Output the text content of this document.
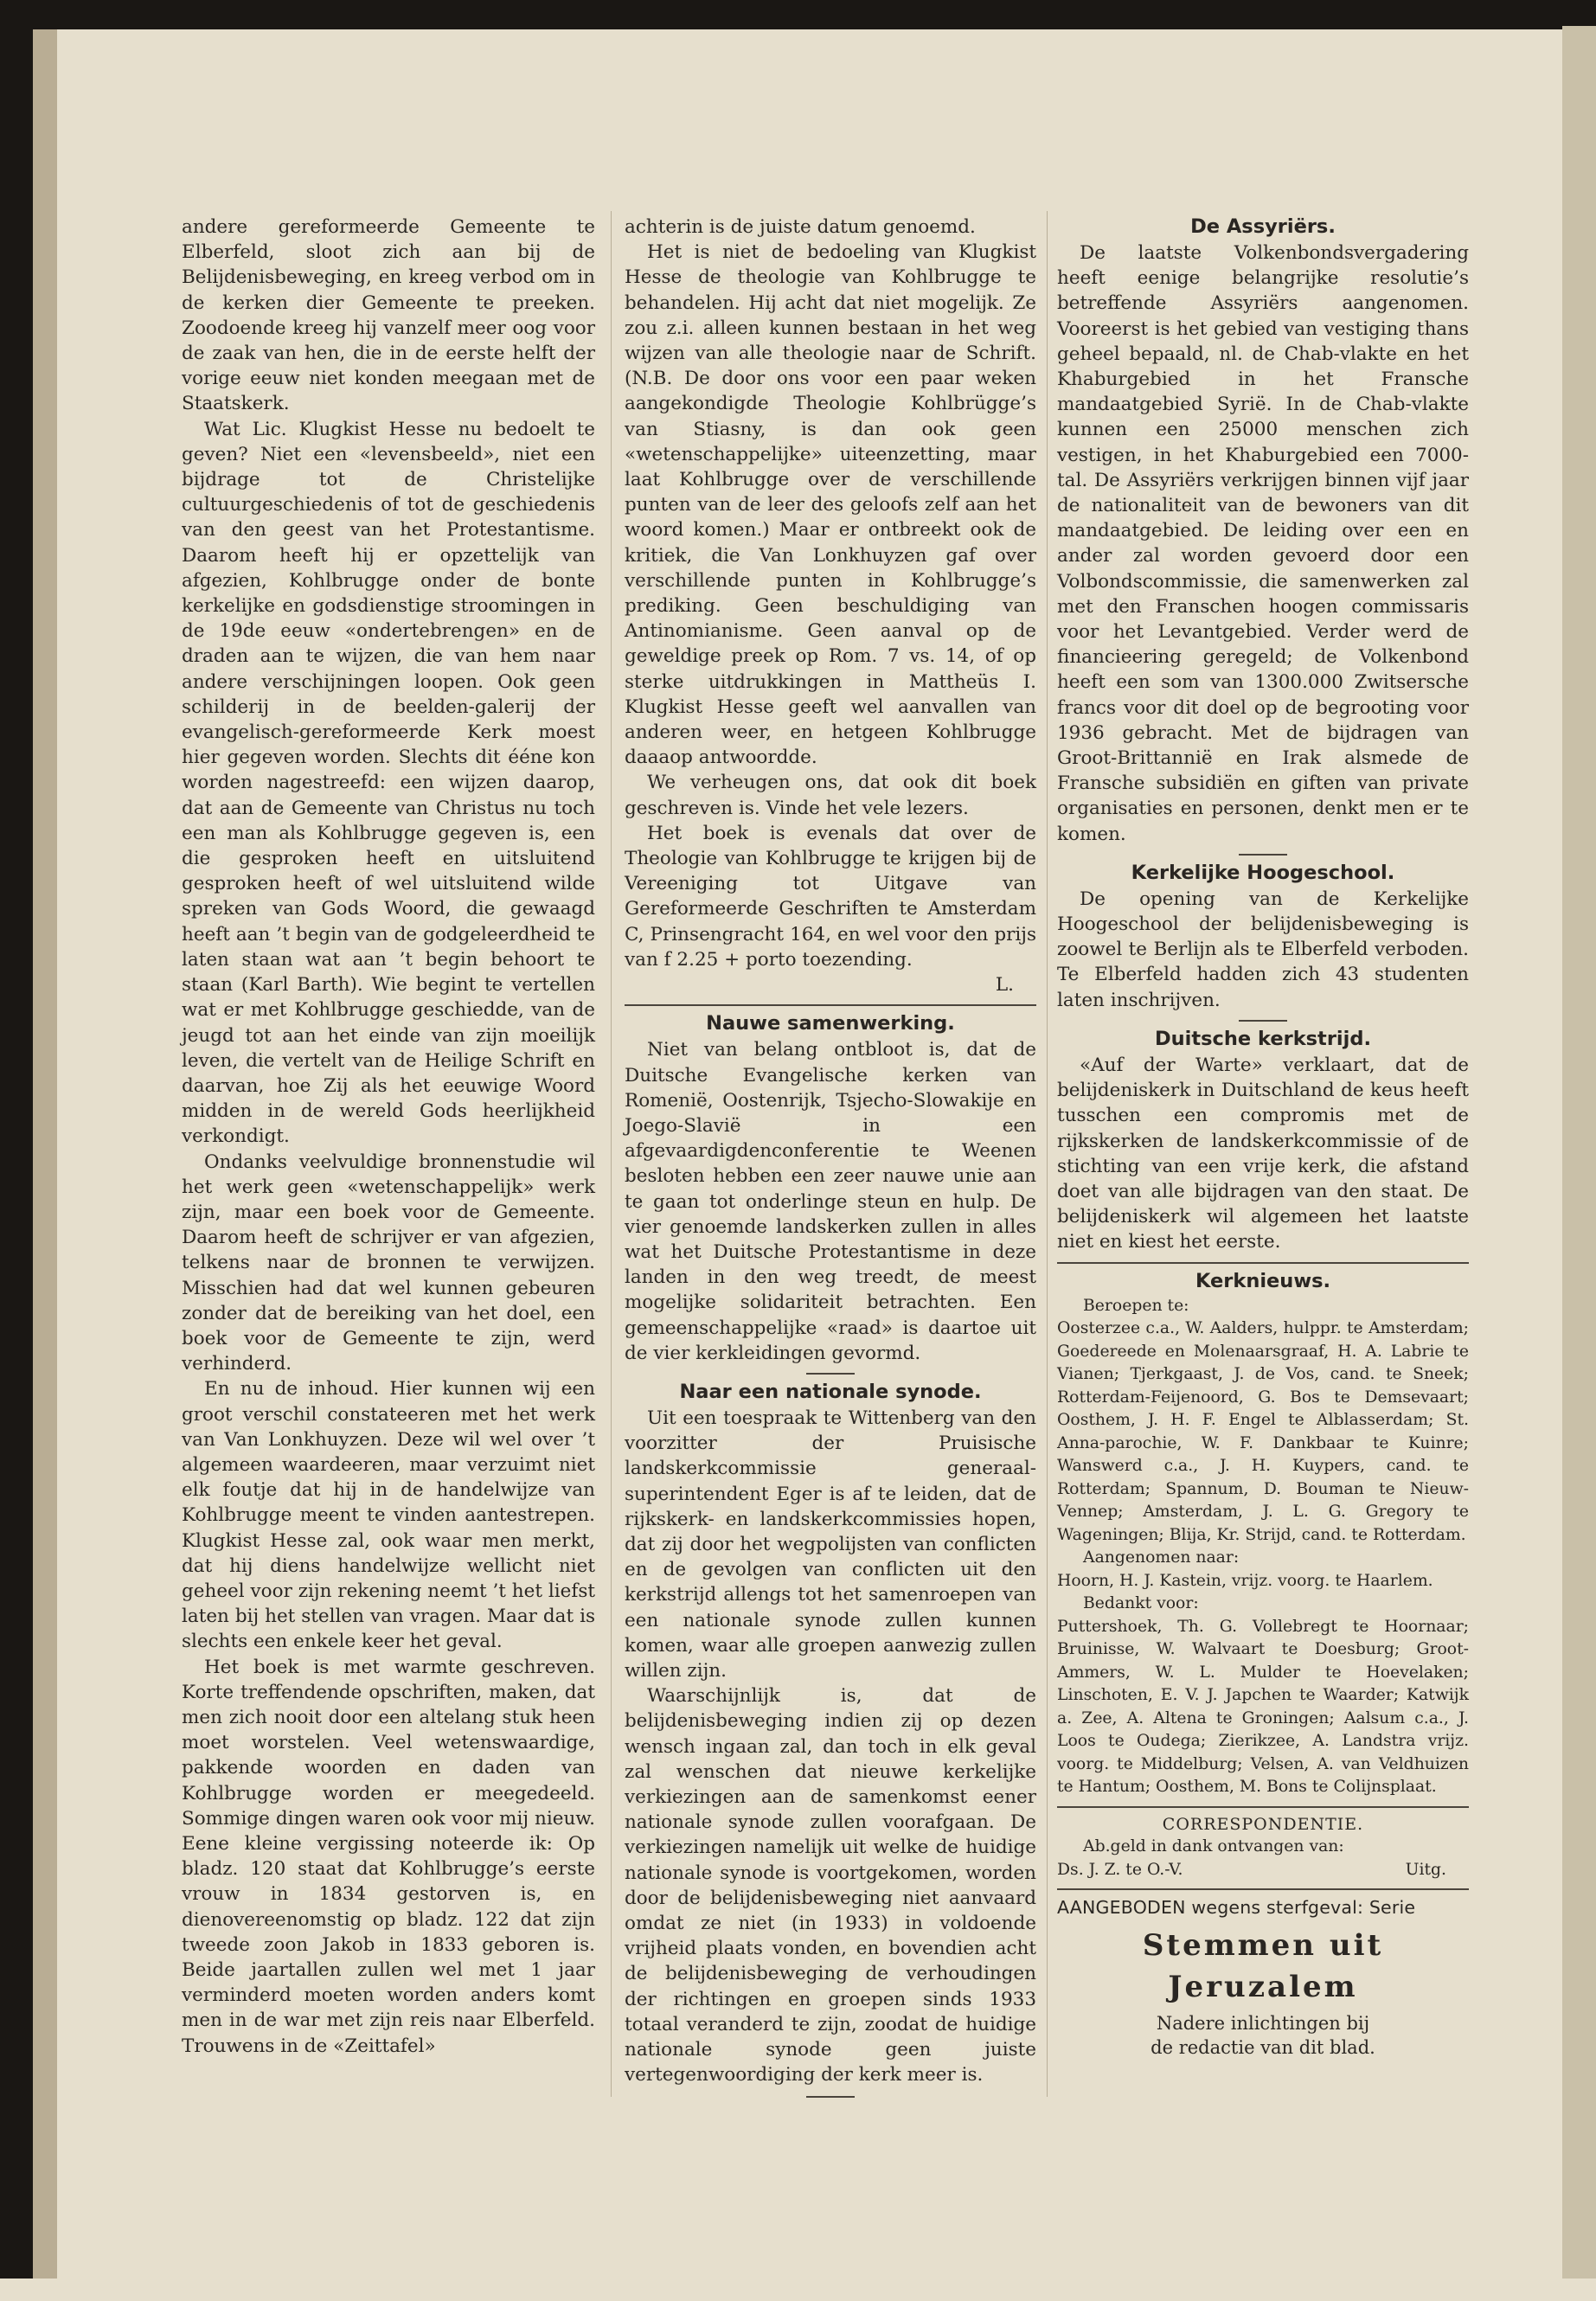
andere gereformeerde Gemeente te Elberfeld, sloot zich aan bij de Belijdenisbeweging, en kreeg verbod om in de kerken dier Gemeente te preeken. Zoodoende kreeg hij vanzelf meer oog voor de zaak van hen, die in de eerste helft der vorige eeuw niet konden meegaan met de Staatskerk.

Wat Lic. Klugkist Hesse nu bedoelt te geven? Niet een «levensbeeld», niet een bijdrage tot de Christelijke cultuurgeschiedenis of tot de geschiedenis van den geest van het Protestantisme. Daarom heeft hij er opzettelijk van afgezien, Kohlbrugge onder de bonte kerkelijke en godsdienstige stroomingen in de 19de eeuw «ondertebrengen» en de draden aan te wijzen, die van hem naar andere verschijningen loopen. Ook geen schilderij in de beelden-galerij der evangelisch-gereformeerde Kerk moest hier gegeven worden. Slechts dit ééne kon worden nagestreefd: een wijzen daarop, dat aan de Gemeente van Christus nu toch een man als Kohlbrugge gegeven is, een die gesproken heeft en uitsluitend gesproken heeft of wel uitsluitend wilde spreken van Gods Woord, die gewaagd heeft aan ’t begin van de godgeleerdheid te laten staan wat aan ’t begin behoort te staan (Karl Barth). Wie begint te vertellen wat er met Kohlbrugge geschiedde, van de jeugd tot aan het einde van zijn moeilijk leven, die vertelt van de Heilige Schrift en daarvan, hoe Zij als het eeuwige Woord midden in de wereld Gods heerlijkheid verkondigt.

Ondanks veelvuldige bronnenstudie wil het werk geen «wetenschappelijk» werk zijn, maar een boek voor de Gemeente. Daarom heeft de schrijver er van afgezien, telkens naar de bronnen te verwijzen. Misschien had dat wel kunnen gebeuren zonder dat de bereiking van het doel, een boek voor de Gemeente te zijn, werd verhinderd.

En nu de inhoud. Hier kunnen wij een groot verschil constateeren met het werk van Van Lonkhuyzen. Deze wil wel over ’t algemeen waardeeren, maar verzuimt niet elk foutje dat hij in de handelwijze van Kohlbrugge meent te vinden aantestrepen. Klugkist Hesse zal, ook waar men merkt, dat hij diens handelwijze wellicht niet geheel voor zijn rekening neemt ’t het liefst laten bij het stellen van vragen. Maar dat is slechts een enkele keer het geval.

Het boek is met warmte geschreven. Korte treffendende opschriften, maken, dat men zich nooit door een altelang stuk heen moet worstelen. Veel wetenswaardige, pakkende woorden en daden van Kohlbrugge worden er meegedeeld. Sommige dingen waren ook voor mij nieuw. Eene kleine vergissing noteerde ik: Op bladz. 120 staat dat Kohlbrugge’s eerste vrouw in 1834 gestorven is, en dienovereenomstig op bladz. 122 dat zijn tweede zoon Jakob in 1833 geboren is. Beide jaartallen zullen wel met 1 jaar verminderd moeten worden anders komt men in de war met zijn reis naar Elberfeld. Trouwens in de «Zeittafel»

achterin is de juiste datum genoemd.

Het is niet de bedoeling van Klugkist Hesse de theologie van Kohlbrugge te behandelen. Hij acht dat niet mogelijk. Ze zou z.i. alleen kunnen bestaan in het weg wijzen van alle theologie naar de Schrift. (N.B. De door ons voor een paar weken aangekondigde Theologie Kohlbrügge’s van Stiasny, is dan ook geen «wetenschappelijke» uiteenzetting, maar laat Kohlbrugge over de verschillende punten van de leer des geloofs zelf aan het woord komen.) Maar er ontbreekt ook de kritiek, die Van Lonkhuyzen gaf over verschillende punten in Kohlbrugge’s prediking. Geen beschuldiging van Antinomianisme. Geen aanval op de geweldige preek op Rom. 7 vs. 14, of op sterke uitdrukkingen in Mattheüs I. Klugkist Hesse geeft wel aanvallen van anderen weer, en hetgeen Kohlbrugge daaaop antwoordde.

We verheugen ons, dat ook dit boek geschreven is. Vinde het vele lezers.

Het boek is evenals dat over de Theologie van Kohlbrugge te krijgen bij de Vereeniging tot Uitgave van Gereformeerde Geschriften te Amsterdam C, Prinsengracht 164, en wel voor den prijs van f 2.25 + porto toezending.

L.

Nauwe samenwerking.

Niet van belang ontbloot is, dat de Duitsche Evangelische kerken van Romenië, Oostenrijk, Tsjecho-Slowakije en Joego-Slavië in een afgevaardigdenconferentie te Weenen besloten hebben een zeer nauwe unie aan te gaan tot onderlinge steun en hulp. De vier genoemde landskerken zullen in alles wat het Duitsche Protestantisme in deze landen in den weg treedt, de meest mogelijke solidariteit betrachten. Een gemeenschappelijke «raad» is daartoe uit de vier kerkleidingen gevormd.

Naar een nationale synode.

Uit een toespraak te Wittenberg van den voorzitter der Pruisische landskerkcommissie generaal-superintendent Eger is af te leiden, dat de rijkskerk- en landskerkcommissies hopen, dat zij door het wegpolijsten van conflicten en de gevolgen van conflicten uit den kerkstrijd allengs tot het samenroepen van een nationale synode zullen kunnen komen, waar alle groepen aanwezig zullen willen zijn.

Waarschijnlijk is, dat de belijdenisbeweging indien zij op dezen wensch ingaan zal, dan toch in elk geval zal wenschen dat nieuwe kerkelijke verkiezingen aan de samenkomst eener nationale synode zullen voorafgaan. De verkiezingen namelijk uit welke de huidige nationale synode is voortgekomen, worden door de belijdenisbeweging niet aanvaard omdat ze niet (in 1933) in voldoende vrijheid plaats vonden, en bovendien acht de belijdenisbeweging de verhoudingen der richtingen en groepen sinds 1933 totaal veranderd te zijn, zoodat de huidige nationale synode geen juiste vertegenwoordiging der kerk meer is.

De Assyriërs.

De laatste Volkenbondsvergadering heeft eenige belangrijke resolutie’s betreffende Assyriërs aangenomen. Vooreerst is het gebied van vestiging thans geheel bepaald, nl. de Chab-vlakte en het Khaburgebied in het Fransche mandaatgebied Syrië. In de Chab-vlakte kunnen een 25000 menschen zich vestigen, in het Khaburgebied een 7000-tal. De Assyriërs verkrijgen binnen vijf jaar de nationaliteit van de bewoners van dit mandaatgebied. De leiding over een en ander zal worden gevoerd door een Volbondscommissie, die samenwerken zal met den Franschen hoogen commissaris voor het Levantgebied. Verder werd de financieering geregeld; de Volkenbond heeft een som van 1300.000 Zwitsersche francs voor dit doel op de begrooting voor 1936 gebracht. Met de bijdragen van Groot-Brittannië en Irak alsmede de Fransche subsidiën en giften van private organisaties en personen, denkt men er te komen.

Kerkelijke Hoogeschool.

De opening van de Kerkelijke Hoogeschool der belijdenisbeweging is zoowel te Berlijn als te Elberfeld verboden. Te Elberfeld hadden zich 43 studenten laten inschrijven.

Duitsche kerkstrijd.

«Auf der Warte» verklaart, dat de belijdeniskerk in Duitschland de keus heeft tusschen een compromis met de rijkskerken de landskerkcommissie of de stichting van een vrije kerk, die afstand doet van alle bijdragen van den staat. De belijdeniskerk wil algemeen het laatste niet en kiest het eerste.

Kerknieuws.

Beroepen te:

Oosterzee c.a., W. Aalders, hulppr. te Amsterdam; Goedereede en Molenaarsgraaf, H. A. Labrie te Vianen; Tjerkgaast, J. de Vos, cand. te Sneek; Rotterdam-Feijenoord, G. Bos te Demsevaart; Oosthem, J. H. F. Engel te Alblasserdam; St. Anna-parochie, W. F. Dankbaar te Kuinre; Wanswerd c.a., J. H. Kuypers, cand. te Rotterdam; Spannum, D. Bouman te Nieuw-Vennep; Amsterdam, J. L. G. Gregory te Wageningen; Blija, Kr. Strijd, cand. te Rotterdam.

Aangenomen naar:

Hoorn, H. J. Kastein, vrijz. voorg. te Haarlem.

Bedankt voor:

Puttershoek, Th. G. Vollebregt te Hoornaar; Bruinisse, W. Walvaart te Doesburg; Groot-Ammers, W. L. Mulder te Hoevelaken; Linschoten, E. V. J. Japchen te Waarder; Katwijk a. Zee, A. Altena te Groningen; Aalsum c.a., J. Loos te Oudega; Zierikzee, A. Landstra vrijz. voorg. te Middelburg; Velsen, A. van Veldhuizen te Hantum; Oosthem, M. Bons te Colijnsplaat.

CORRESPONDENTIE.

Ab.geld in dank ontvangen van:

Ds. J. Z. te O.-V.	Uitg.
AANGEBODEN wegens sterfgeval: Serie
Stemmen uit Jeruzalem
Nadere inlichtingen bij
de redactie van dit blad.
